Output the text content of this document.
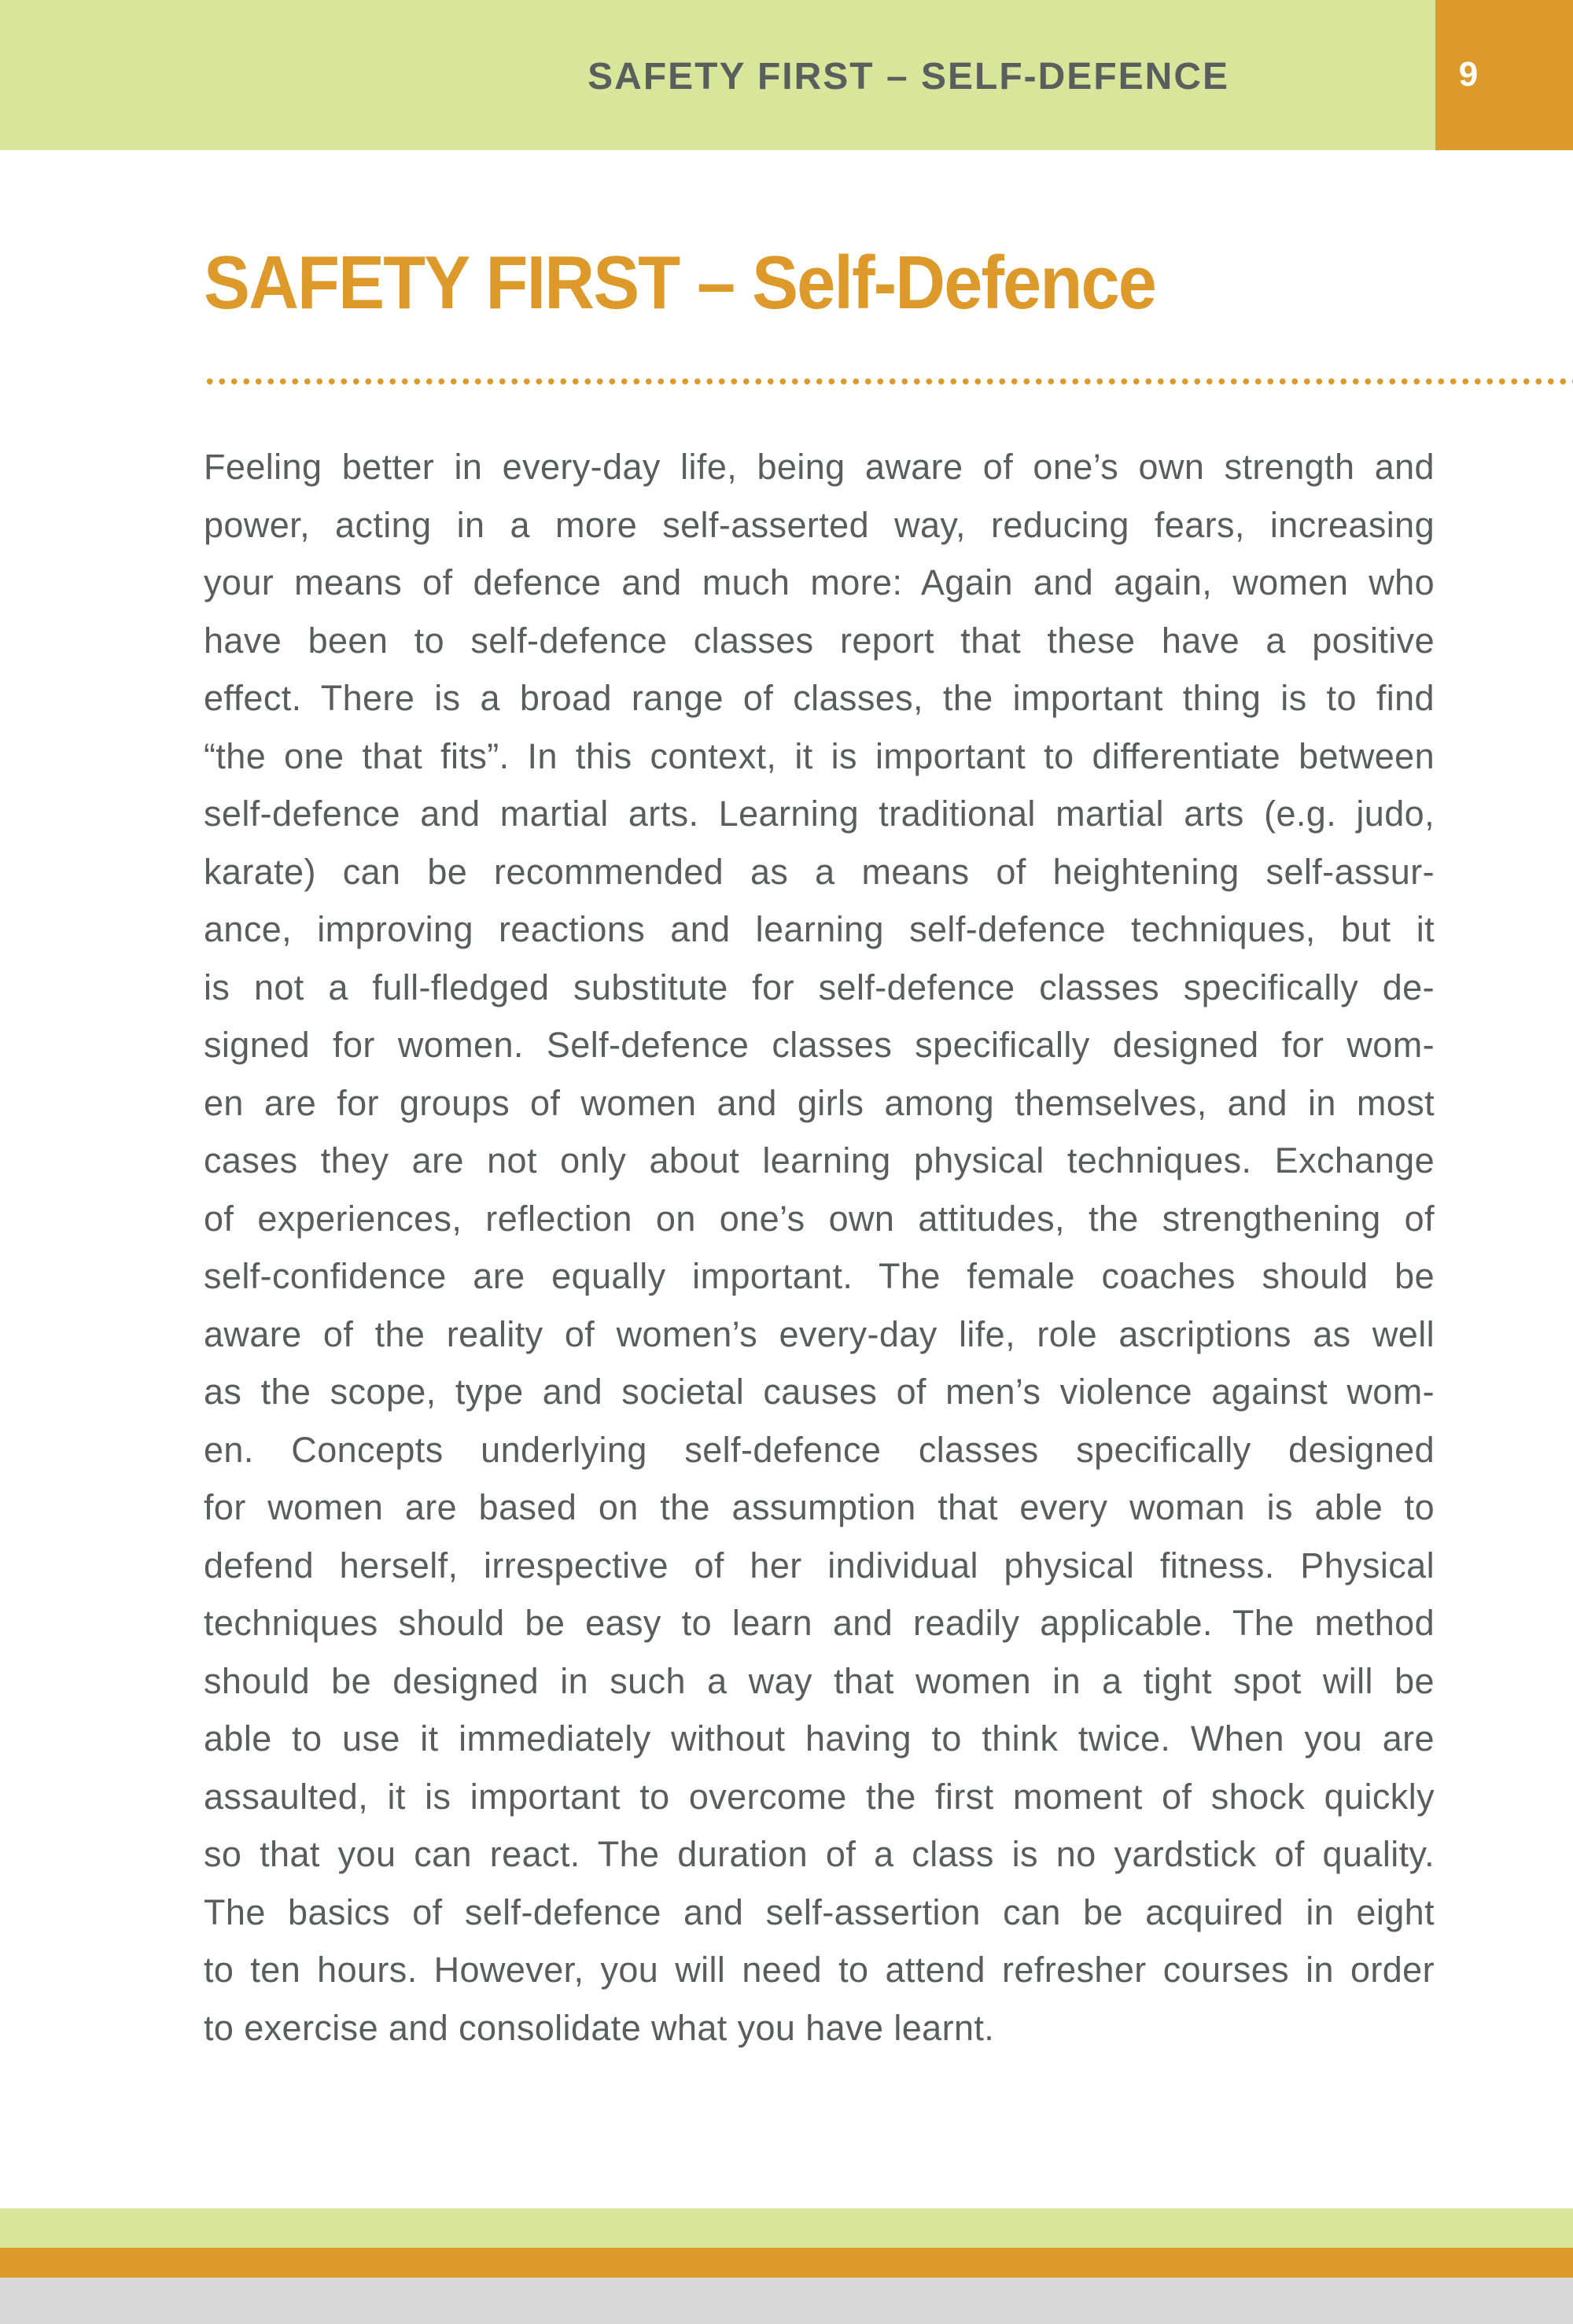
SAFETY FIRST – SELF-DEFENCE	9
SAFETY FIRST – Self-Defence
Feeling better in every-day life, being aware of one’s own strength and
power, acting in a more self-asserted way, reducing fears, increasing
your means of defence and much more: Again and again, women who
have been to self-defence classes report that these have a positive
effect. There is a broad range of classes, the important thing is to find
“the one that fits”. In this context, it is important to differentiate between
self-defence and martial arts. Learning traditional martial arts (e.g. judo,
karate) can be recommended as a means of heightening self-assur-
ance, improving reactions and learning self-defence techniques, but it
is not a full-fledged substitute for self-defence classes specifically de-
signed for women. Self-defence classes specifically designed for wom-
en are for groups of women and girls among themselves, and in most
cases they are not only about learning physical techniques. Exchange
of experiences, reflection on one’s own attitudes, the strengthening of
self-confidence are equally important. The female coaches should be
aware of the reality of women’s every-day life, role ascriptions as well
as the scope, type and societal causes of men’s violence against wom-
en. Concepts underlying self-defence classes specifically designed
for women are based on the assumption that every woman is able to
defend herself, irrespective of her individual physical fitness. Physical
techniques should be easy to learn and readily applicable. The method
should be designed in such a way that women in a tight spot will be
able to use it immediately without having to think twice. When you are
assaulted, it is important to overcome the first moment of shock quickly
so that you can react. The duration of a class is no yardstick of quality.
The basics of self-defence and self-assertion can be acquired in eight
to ten hours. However, you will need to attend refresher courses in order
to exercise and consolidate what you have learnt.
